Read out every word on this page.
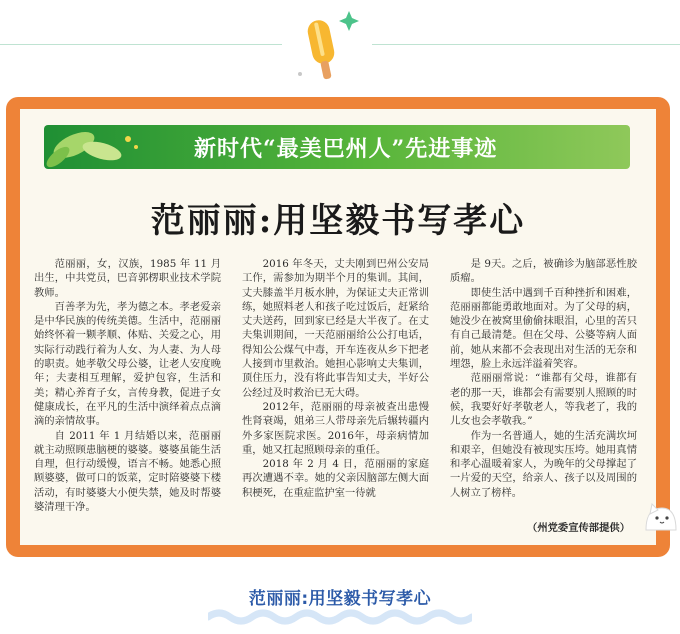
新时代“最美巴州人”先进事迹
范丽丽:用坚毅书写孝心

范丽丽，女，汉族，1985 年 11 月出生，中共党员，巴音郭楞职业技术学院教师。

百善孝为先，孝为德之本。孝老爱亲是中华民族的传统美德。生活中，范丽丽始终怀着一颗孝顺、体贴、关爱之心，用实际行动践行着为人女、为人妻、为人母的职责。她孝敬父母公婆，让老人安度晚年；夫妻相互理解，爱护包容，生活和美；精心养育子女，言传身教，促进子女健康成长，在平凡的生活中演绎着点点滴滴的亲情故事。

自 2011 年 1 月结婚以来，范丽丽就主动照顾患脑梗的婆婆。婆婆虽能生活自理，但行动缓慢，语言不畅。她悉心照顾婆婆，做可口的饭菜，定时陪婆婆下楼活动，有时婆婆大小便失禁，她及时帮婆婆清理干净。

2016 年冬天，丈夫刚到巴州公安局工作，需参加为期半个月的集训。其间，丈夫膝盖半月板水肿，为保证丈夫正常训练，她照料老人和孩子吃过饭后，赶紧给丈夫送药，回到家已经是大半夜了。在丈夫集训期间，一天范丽丽给公公打电话，得知公公煤气中毒，开车连夜从乡下把老人接到市里救治。她担心影响丈夫集训，顶住压力，没有将此事告知丈夫，半好公公经过及时救治已无大碍。

2012年，范丽丽的母亲被查出患慢性肾衰竭，姐弟三人带母亲先后辗转疆内外多家医院求医。2016年，母亲病情加重，她又扛起照顾母亲的重任。

2018 年 2 月 4 日，范丽丽的家庭再次遭遇不幸。她的父亲因脑部左侧大面积梗死，在重症监护室一待就

是 9天。之后，被确诊为脑部恶性胶质瘤。

即使生活中遇到千百种挫折和困难，范丽丽都能勇敢地面对。为了父母的病，她没少在被窝里偷偷抹眼泪，心里的苦只有自己最清楚。但在父母、公婆等病人面前，她从来都不会表现出对生活的无奈和埋怨，脸上永远洋溢着笑容。

范丽丽常说：“谁都有父母，谁都有老的那一天，谁都会有需要别人照顾的时候，我要好好孝敬老人，等我老了，我的儿女也会孝敬我。”

作为一名普通人，她的生活充满坎坷和艰辛，但她没有被现实压垮。她用真情和孝心温暖着家人，为晚年的父母撑起了一片爱的天空，给亲人、孩子以及周围的人树立了榜样。

（州党委宣传部提供）
范丽丽:用坚毅书写孝心
